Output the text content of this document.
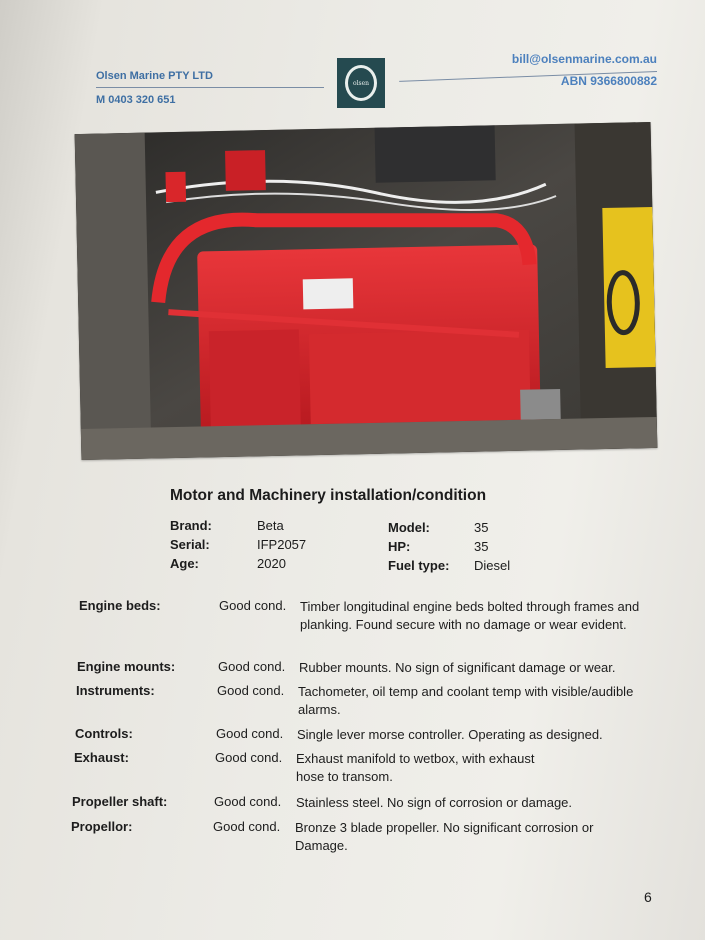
Olsen Marine PTY LTD
M 0403 320 651
olsen
bill@olsenmarine.com.au
ABN 9366800882
Motor and Machinery installation/condition
Brand:	Beta
Serial:	IFP2057
Age:	2020
Model:	35
HP:	35
Fuel type: Diesel
Engine beds:	Good cond. Timber longitudinal engine beds bolted through frames and planking. Found secure with no damage or wear evident.
Engine mounts:	Good cond. Rubber mounts. No sign of significant damage or wear.
Instruments:	Good cond. Tachometer, oil temp and coolant temp with visible/audible alarms.
Controls:	Good cond. Single lever morse controller. Operating as designed.
Exhaust:	Good cond. Exhaust manifold to wetbox, with exhaust hose to transom.
Propeller shaft:	Good cond. Stainless steel. No sign of corrosion or damage.
Propellor:	Good cond. Bronze 3 blade propeller. No significant corrosion or Damage.
6
